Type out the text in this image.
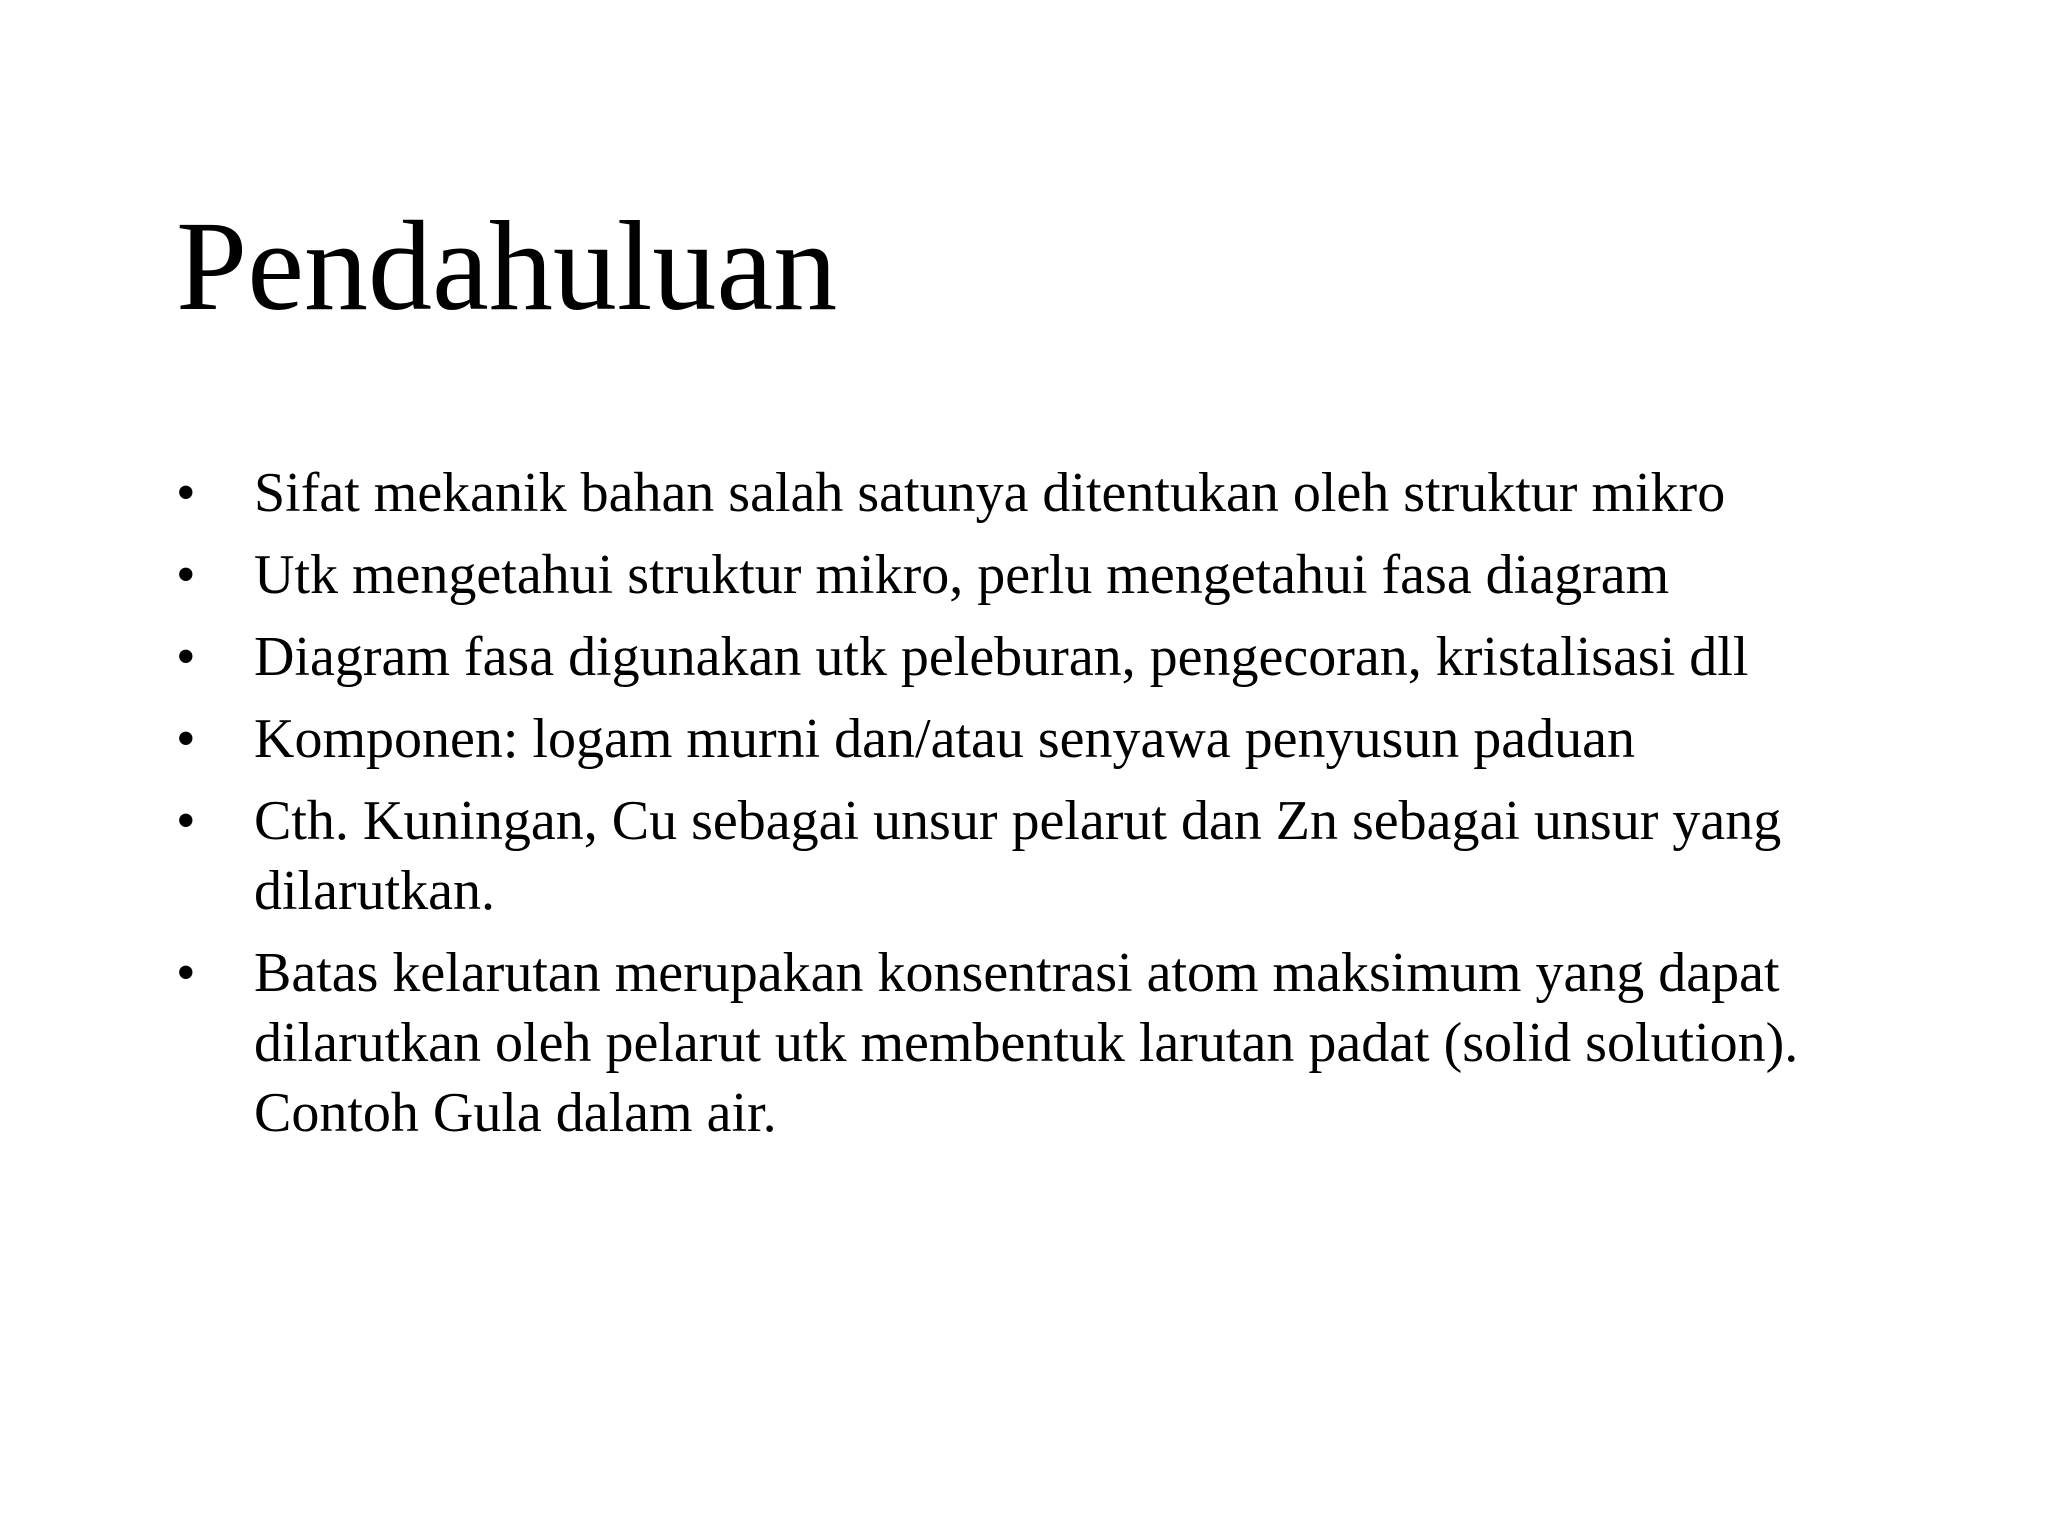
Pendahuluan
•	Sifat mekanik bahan salah satunya ditentukan oleh struktur mikro
•	Utk mengetahui struktur mikro, perlu mengetahui fasa diagram
•	Diagram fasa digunakan utk peleburan, pengecoran, kristalisasi dll
•	Komponen: logam murni dan/atau senyawa penyusun paduan
•	Cth. Kuningan, Cu sebagai unsur pelarut dan Zn sebagai unsur yang dilarutkan.
•	Batas kelarutan merupakan konsentrasi atom maksimum yang dapat dilarutkan oleh pelarut utk membentuk larutan padat (solid solution). Contoh Gula dalam air.
